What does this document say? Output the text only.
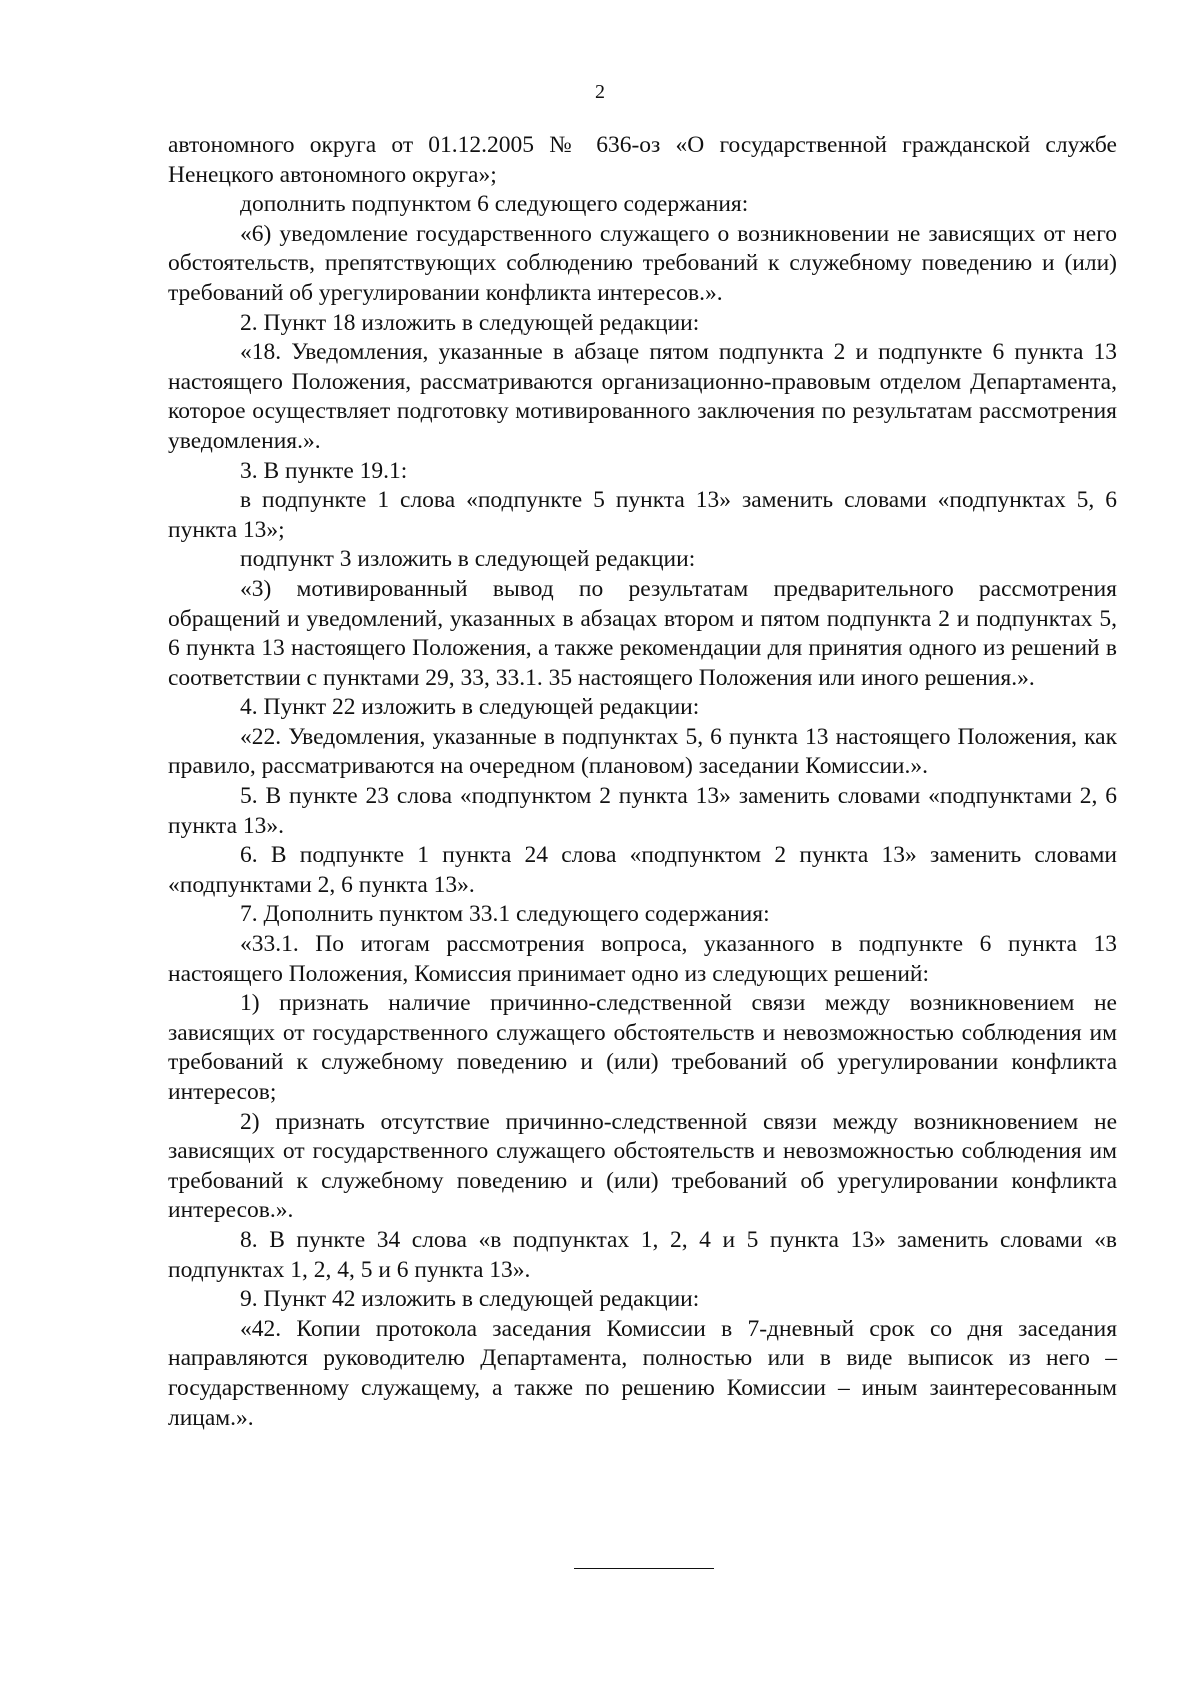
2

автономного округа от 01.12.2005 № 636-оз «О государственной гражданской службе Ненецкого автономного округа»;

дополнить подпунктом 6 следующего содержания:

«6) уведомление государственного служащего о возникновении не зависящих от него обстоятельств, препятствующих соблюдению требований к служебному поведению и (или) требований об урегулировании конфликта интересов.».

2. Пункт 18 изложить в следующей редакции:

«18. Уведомления, указанные в абзаце пятом подпункта 2 и подпункте 6 пункта 13 настоящего Положения, рассматриваются организационно-правовым отделом Департамента, которое осуществляет подготовку мотивированного заключения по результатам рассмотрения уведомления.».

3. В пункте 19.1:

в подпункте 1 слова «подпункте 5 пункта 13» заменить словами «подпунктах 5, 6 пункта 13»;

подпункт 3 изложить в следующей редакции:

«3) мотивированный вывод по результатам предварительного рассмотрения обращений и уведомлений, указанных в абзацах втором и пятом подпункта 2 и подпунктах 5, 6 пункта 13 настоящего Положения, а также рекомендации для принятия одного из решений в соответствии с пунктами 29, 33, 33.1. 35 настоящего Положения или иного решения.».

4. Пункт 22 изложить в следующей редакции:

«22. Уведомления, указанные в подпунктах 5, 6 пункта 13 настоящего Положения, как правило, рассматриваются на очередном (плановом) заседании Комиссии.».

5. В пункте 23 слова «подпунктом 2 пункта 13» заменить словами «подпунктами 2, 6 пункта 13».

6. В подпункте 1 пункта 24 слова «подпунктом 2 пункта 13» заменить словами «подпунктами 2, 6 пункта 13».

7. Дополнить пунктом 33.1 следующего содержания:

«33.1. По итогам рассмотрения вопроса, указанного в подпункте 6 пункта 13 настоящего Положения, Комиссия принимает одно из следующих решений:

1) признать наличие причинно-следственной связи между возникновением не зависящих от государственного служащего обстоятельств и невозможностью соблюдения им требований к служебному поведению и (или) требований об урегулировании конфликта интересов;

2) признать отсутствие причинно-следственной связи между возникновением не зависящих от государственного служащего обстоятельств и невозможностью соблюдения им требований к служебному поведению и (или) требований об урегулировании конфликта интересов.».

8. В пункте 34 слова «в подпунктах 1, 2, 4 и 5 пункта 13» заменить словами «в подпунктах 1, 2, 4, 5 и 6 пункта 13».

9. Пункт 42 изложить в следующей редакции:

«42. Копии протокола заседания Комиссии в 7-дневный срок со дня заседания направляются руководителю Департамента, полностью или в виде выписок из него – государственному служащему, а также по решению Комиссии – иным заинтересованным лицам.».
